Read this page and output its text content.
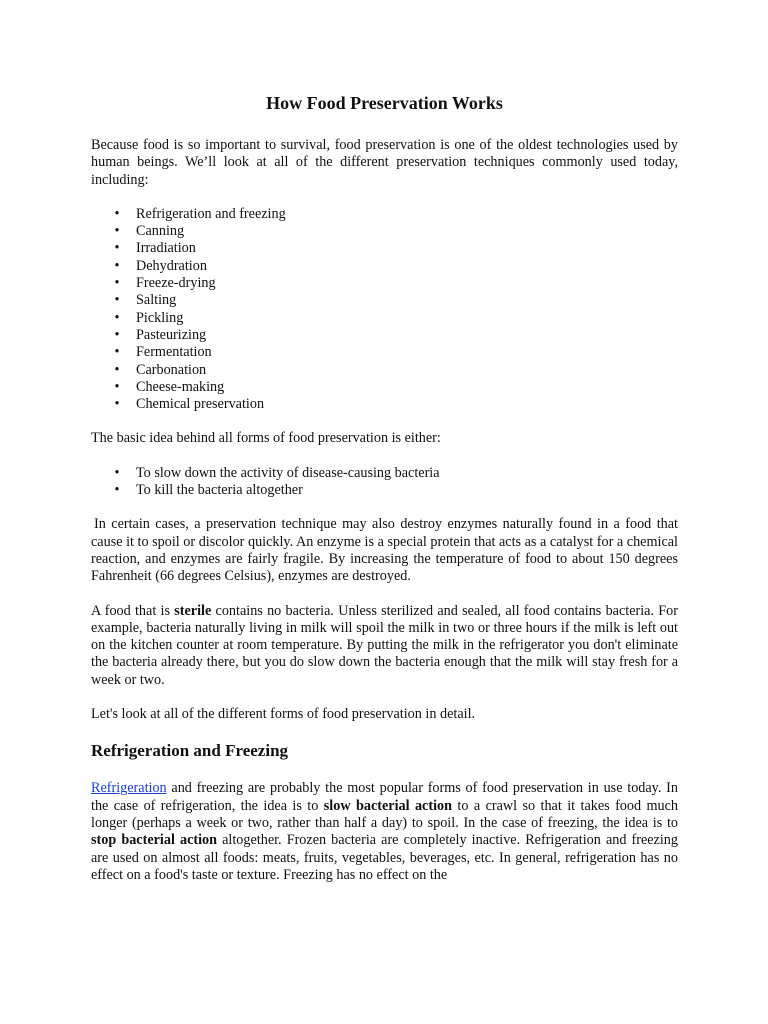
How Food Preservation Works

Because food is so important to survival, food preservation is one of the oldest technologies used by human beings. We’ll look at all of the different preservation techniques commonly used today, including:

• Refrigeration and freezing
• Canning
• Irradiation
• Dehydration
• Freeze-drying
• Salting
• Pickling
• Pasteurizing
• Fermentation
• Carbonation
• Cheese-making
• Chemical preservation

The basic idea behind all forms of food preservation is either:

• To slow down the activity of disease-causing bacteria
• To kill the bacteria altogether

In certain cases, a preservation technique may also destroy enzymes naturally found in a food that cause it to spoil or discolor quickly. An enzyme is a special protein that acts as a catalyst for a chemical reaction, and enzymes are fairly fragile. By increasing the temperature of food to about 150 degrees Fahrenheit (66 degrees Celsius), enzymes are destroyed.

A food that is sterile contains no bacteria. Unless sterilized and sealed, all food contains bacteria. For example, bacteria naturally living in milk will spoil the milk in two or three hours if the milk is left out on the kitchen counter at room temperature. By putting the milk in the refrigerator you don't eliminate the bacteria already there, but you do slow down the bacteria enough that the milk will stay fresh for a week or two.

Let's look at all of the different forms of food preservation in detail.

Refrigeration and Freezing

Refrigeration and freezing are probably the most popular forms of food preservation in use today. In the case of refrigeration, the idea is to slow bacterial action to a crawl so that it takes food much longer (perhaps a week or two, rather than half a day) to spoil. In the case of freezing, the idea is to stop bacterial action altogether. Frozen bacteria are completely inactive. Refrigeration and freezing are used on almost all foods: meats, fruits, vegetables, beverages, etc. In general, refrigeration has no effect on a food's taste or texture. Freezing has no effect on the
